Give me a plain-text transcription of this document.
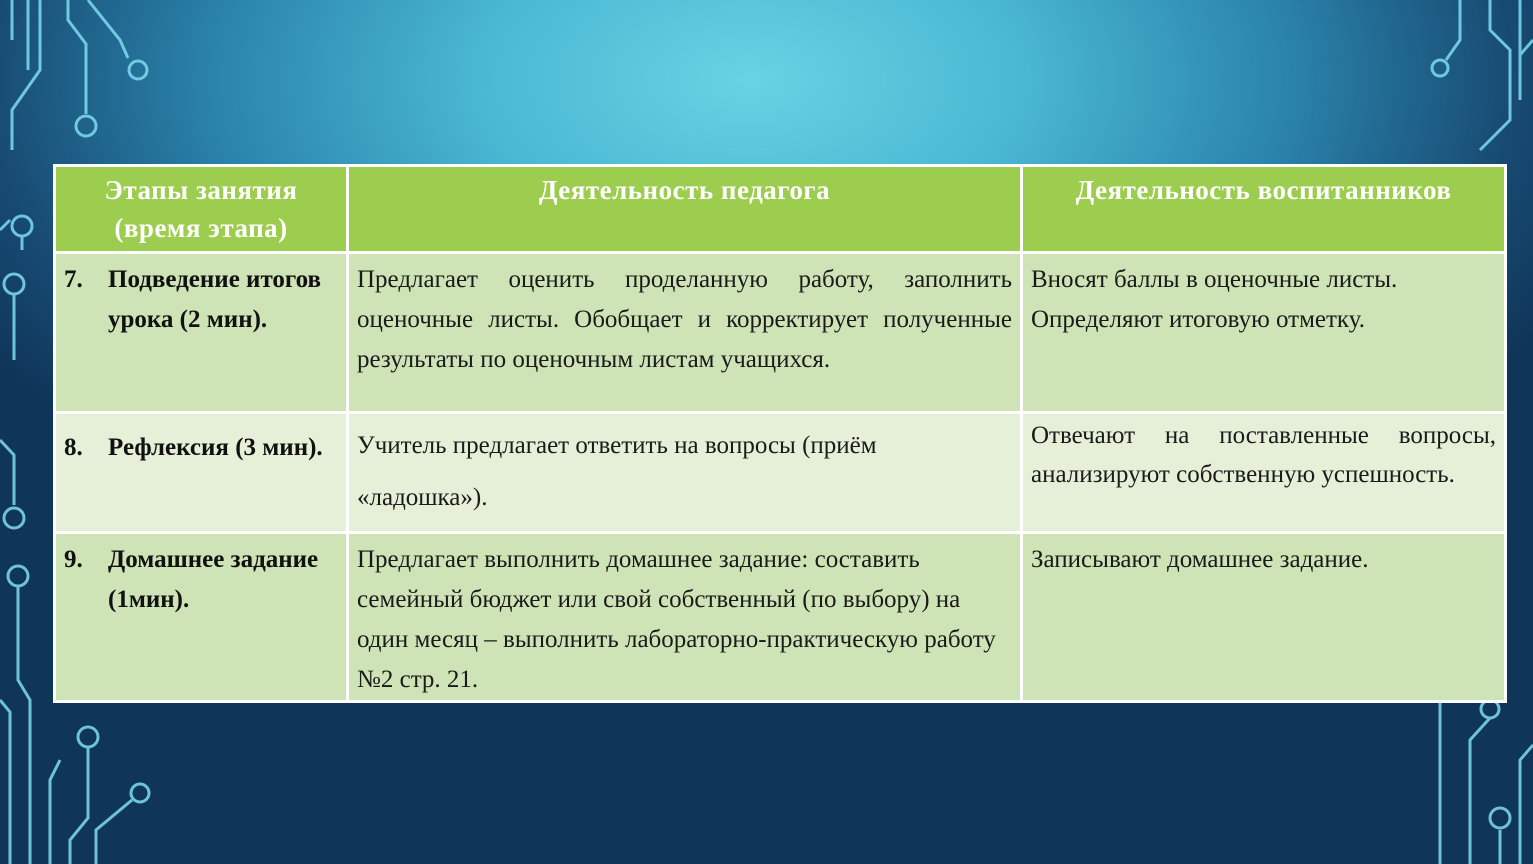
Этапы занятия (время этапа)	Деятельность педагога	Деятельность воспитанников

7. Подведение итогов урока (2 мин).	Предлагает оценить проделанную работу, заполнить оценочные листы. Обобщает и корректирует полученные результаты по оценочным листам учащихся.	Вносят баллы в оценочные листы. Определяют итоговую отметку.

8. Рефлексия (3 мин).	Учитель предлагает ответить на вопросы (приём «ладошка»).	Отвечают на поставленные вопросы, анализируют собственную успешность.

9. Домашнее задание (1мин).	Предлагает выполнить домашнее задание: составить семейный бюджет или свой собственный (по выбору) на один месяц – выполнить лабораторно-практическую работу №2 стр. 21.	Записывают домашнее задание.
